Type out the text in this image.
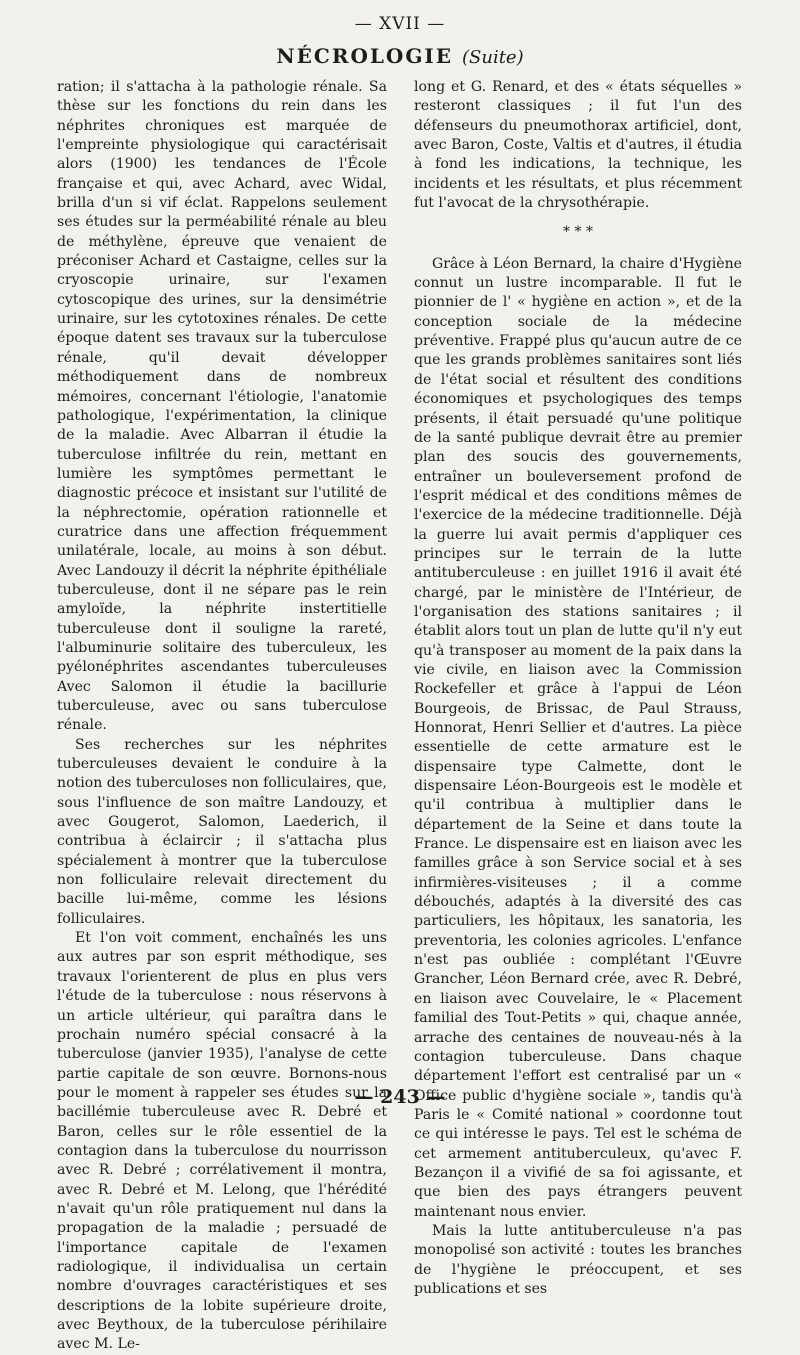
— XVII —
NÉCROLOGIE (Suite)

ration; il s'attacha à la pathologie rénale. Sa thèse sur les fonctions du rein dans les néphrites chroniques est marquée de l'empreinte physiologique qui caractérisait alors (1900) les tendances de l'École française et qui, avec Achard, avec Widal, brilla d'un si vif éclat. Rappelons seulement ses études sur la perméabilité rénale au bleu de méthylène, épreuve que venaient de préconiser Achard et Castaigne, celles sur la cryoscopie urinaire, sur l'examen cytoscopique des urines, sur la densimétrie urinaire, sur les cytotoxines rénales. De cette époque datent ses travaux sur la tuberculose rénale, qu'il devait développer méthodiquement dans de nombreux mémoires, concernant l'étiologie, l'anatomie pathologique, l'expérimentation, la clinique de la maladie. Avec Albarran il étudie la tuberculose infiltrée du rein, mettant en lumière les symptômes permettant le diagnostic précoce et insistant sur l'utilité de la néphrectomie, opération rationnelle et curatrice dans une affection fréquemment unilatérale, locale, au moins à son début. Avec Landouzy il décrit la néphrite épithéliale tuberculeuse, dont il ne sépare pas le rein amyloïde, la néphrite instertitielle tuberculeuse dont il souligne la rareté, l'albuminurie solitaire des tuberculeux, les pyélonéphrites ascendantes tuberculeuses Avec Salomon il étudie la bacillurie tuberculeuse, avec ou sans tuberculose rénale.

Ses recherches sur les néphrites tuberculeuses devaient le conduire à la notion des tuberculoses non folliculaires, que, sous l'influence de son maître Landouzy, et avec Gougerot, Salomon, Laederich, il contribua à éclaircir ; il s'attacha plus spécialement à montrer que la tuberculose non folliculaire relevait directement du bacille lui-même, comme les lésions folliculaires.

Et l'on voit comment, enchaînés les uns aux autres par son esprit méthodique, ses travaux l'orienterent de plus en plus vers l'étude de la tuberculose : nous réservons à un article ultérieur, qui paraîtra dans le prochain numéro spécial consacré à la tuberculose (janvier 1935), l'analyse de cette partie capitale de son œuvre. Bornons-nous pour le moment à rappeler ses études sur la bacillémie tuberculeuse avec R. Debré et Baron, celles sur le rôle essentiel de la contagion dans la tuberculose du nourrisson avec R. Debré ; corrélativement il montra, avec R. Debré et M. Lelong, que l'hérédité n'avait qu'un rôle pratiquement nul dans la propagation de la maladie ; persuadé de l'importance capitale de l'examen radiologique, il individualisa un certain nombre d'ouvrages caractéristiques et ses descriptions de la lobite supérieure droite, avec Beythoux, de la tuberculose périhilaire avec M. Le-

long et G. Renard, et des « états séquelles » resteront classiques ; il fut l'un des défenseurs du pneumothorax artificiel, dont, avec Baron, Coste, Valtis et d'autres, il étudia à fond les indications, la technique, les incidents et les résultats, et plus récemment fut l'avocat de la chrysothérapie.

* * *

Grâce à Léon Bernard, la chaire d'Hygiène connut un lustre incomparable. Il fut le pionnier de l' « hygiène en action », et de la conception sociale de la médecine préventive. Frappé plus qu'aucun autre de ce que les grands problèmes sanitaires sont liés de l'état social et résultent des conditions économiques et psychologiques des temps présents, il était persuadé qu'une politique de la santé publique devrait être au premier plan des soucis des gouvernements, entraîner un bouleversement profond de l'esprit médical et des conditions mêmes de l'exercice de la médecine traditionnelle. Déjà la guerre lui avait permis d'appliquer ces principes sur le terrain de la lutte antituberculeuse : en juillet 1916 il avait été chargé, par le ministère de l'Intérieur, de l'organisation des stations sanitaires ; il établit alors tout un plan de lutte qu'il n'y eut qu'à transposer au moment de la paix dans la vie civile, en liaison avec la Commission Rockefeller et grâce à l'appui de Léon Bourgeois, de Brissac, de Paul Strauss, Honnorat, Henri Sellier et d'autres. La pièce essentielle de cette armature est le dispensaire type Calmette, dont le dispensaire Léon-Bourgeois est le modèle et qu'il contribua à multiplier dans le département de la Seine et dans toute la France. Le dispensaire est en liaison avec les familles grâce à son Service social et à ses infirmières-visiteuses ; il a comme débouchés, adaptés à la diversité des cas particuliers, les hôpitaux, les sanatoria, les preventoria, les colonies agricoles. L'enfance n'est pas oubliée : complétant l'Œuvre Grancher, Léon Bernard crée, avec R. Debré, en liaison avec Couvelaire, le « Placement familial des Tout-Petits » qui, chaque année, arrache des centaines de nouveau-nés à la contagion tuberculeuse. Dans chaque département l'effort est centralisé par un « Office public d'hygiène sociale », tandis qu'à Paris le « Comité national » coordonne tout ce qui intéresse le pays. Tel est le schéma de cet armement antituberculeux, qu'avec F. Bezançon il a vivifié de sa foi agissante, et que bien des pays étrangers peuvent maintenant nous envier.

Mais la lutte antituberculeuse n'a pas monopolisé son activité : toutes les branches de l'hygiène le préoccupent, et ses publications et ses

— 243 —
